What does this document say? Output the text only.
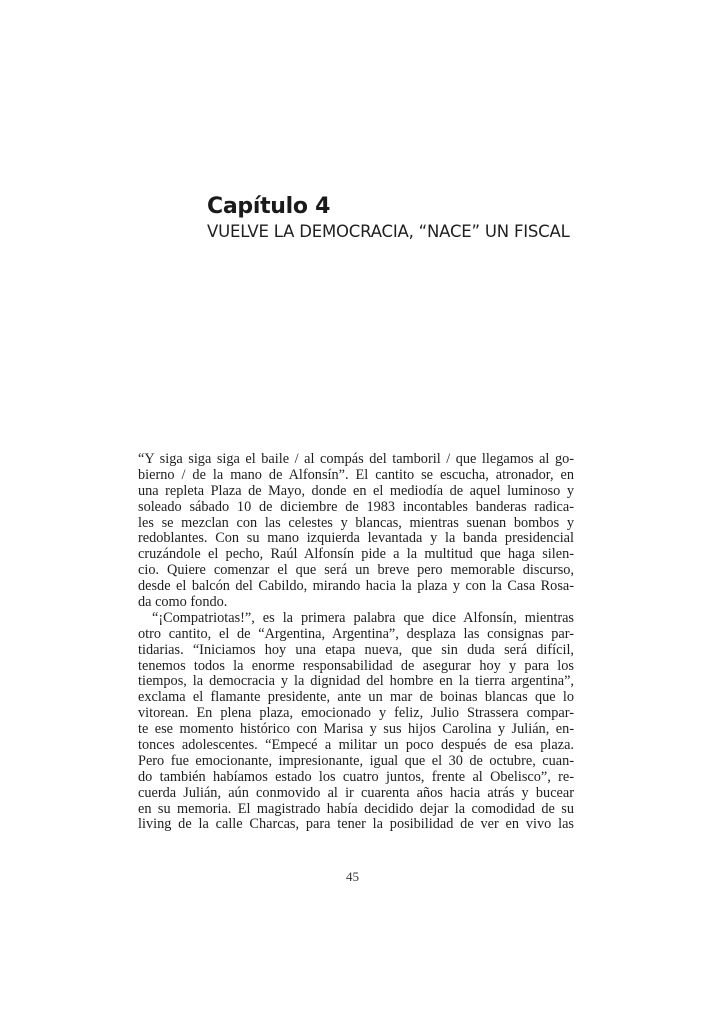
Capítulo 4
VUELVE LA DEMOCRACIA, “NACE” UN FISCAL
“Y siga siga siga el baile / al compás del tamboril / que llegamos al go-
bierno / de la mano de Alfonsín”. El cantito se escucha, atronador, en
una repleta Plaza de Mayo, donde en el mediodía de aquel luminoso y
soleado sábado 10 de diciembre de 1983 incontables banderas radica-
les se mezclan con las celestes y blancas, mientras suenan bombos y
redoblantes. Con su mano izquierda levantada y la banda presidencial
cruzándole el pecho, Raúl Alfonsín pide a la multitud que haga silen-
cio. Quiere comenzar el que será un breve pero memorable discurso,
desde el balcón del Cabildo, mirando hacia la plaza y con la Casa Rosa-
da como fondo.
“¡Compatriotas!”, es la primera palabra que dice Alfonsín, mientras
otro cantito, el de “Argentina, Argentina”, desplaza las consignas par-
tidarias. “Iniciamos hoy una etapa nueva, que sin duda será difícil,
tenemos todos la enorme responsabilidad de asegurar hoy y para los
tiempos, la democracia y la dignidad del hombre en la tierra argentina”,
exclama el flamante presidente, ante un mar de boinas blancas que lo
vitorean. En plena plaza, emocionado y feliz, Julio Strassera compar-
te ese momento histórico con Marisa y sus hijos Carolina y Julián, en-
tonces adolescentes. “Empecé a militar un poco después de esa plaza.
Pero fue emocionante, impresionante, igual que el 30 de octubre, cuan-
do también habíamos estado los cuatro juntos, frente al Obelisco”, re-
cuerda Julián, aún conmovido al ir cuarenta años hacia atrás y bucear
en su memoria. El magistrado había decidido dejar la comodidad de su
living de la calle Charcas, para tener la posibilidad de ver en vivo las
45
